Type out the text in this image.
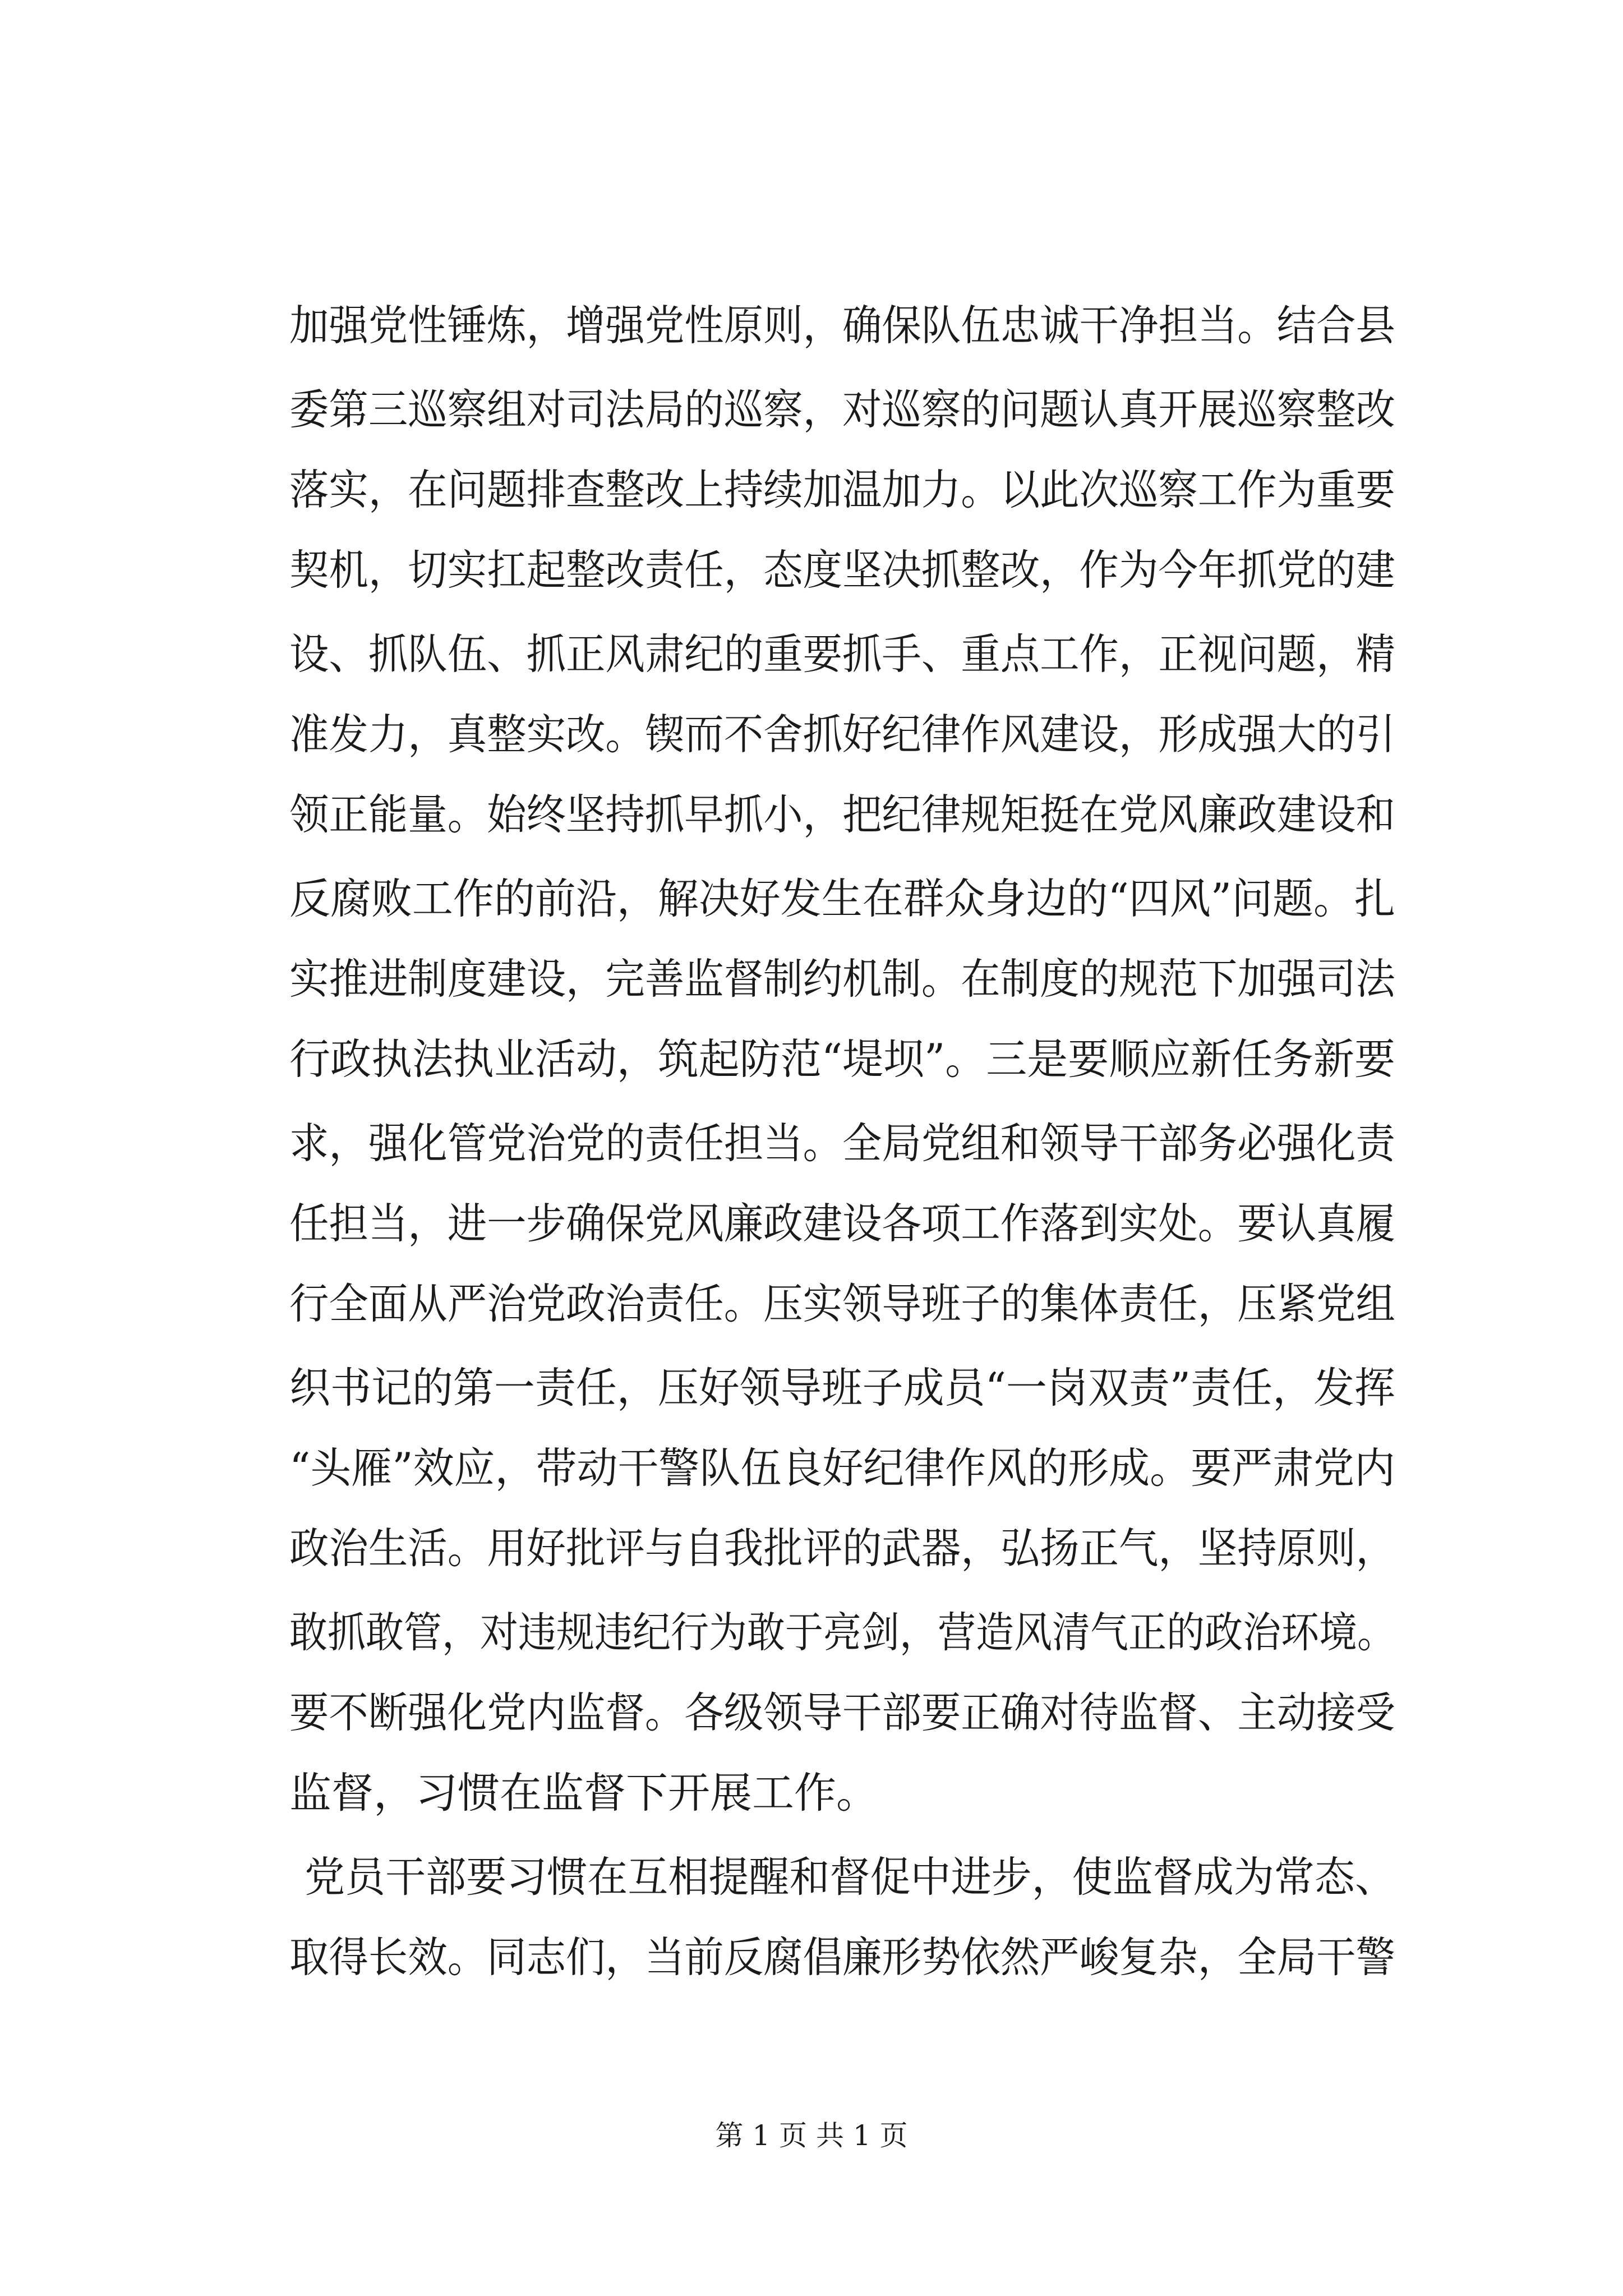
加强党性锤炼，增强党性原则，确保队伍忠诚干净担当。结合县
委第三巡察组对司法局的巡察，对巡察的问题认真开展巡察整改
落实，在问题排查整改上持续加温加力。以此次巡察工作为重要
契机，切实扛起整改责任，态度坚决抓整改，作为今年抓党的建
设、抓队伍、抓正风肃纪的重要抓手、重点工作，正视问题，精
准发力，真整实改。锲而不舍抓好纪律作风建设，形成强大的引
领正能量。始终坚持抓早抓小，把纪律规矩挺在党风廉政建设和
反腐败工作的前沿，解决好发生在群众身边的“四风”问题。扎
实推进制度建设，完善监督制约机制。在制度的规范下加强司法
行政执法执业活动，筑起防范“堤坝”。三是要顺应新任务新要
求，强化管党治党的责任担当。全局党组和领导干部务必强化责
任担当，进一步确保党风廉政建设各项工作落到实处。要认真履
行全面从严治党政治责任。压实领导班子的集体责任，压紧党组
织书记的第一责任，压好领导班子成员“一岗双责”责任，发挥
“头雁”效应，带动干警队伍良好纪律作风的形成。要严肃党内
政治生活。用好批评与自我批评的武器，弘扬正气，坚持原则，
敢抓敢管，对违规违纪行为敢于亮剑，营造风清气正的政治环境。
要不断强化党内监督。各级领导干部要正确对待监督、主动接受
监督，习惯在监督下开展工作。
党员干部要习惯在互相提醒和督促中进步，使监督成为常态、
取得长效。同志们，当前反腐倡廉形势依然严峻复杂，全局干警
第 1 页 共 1 页
